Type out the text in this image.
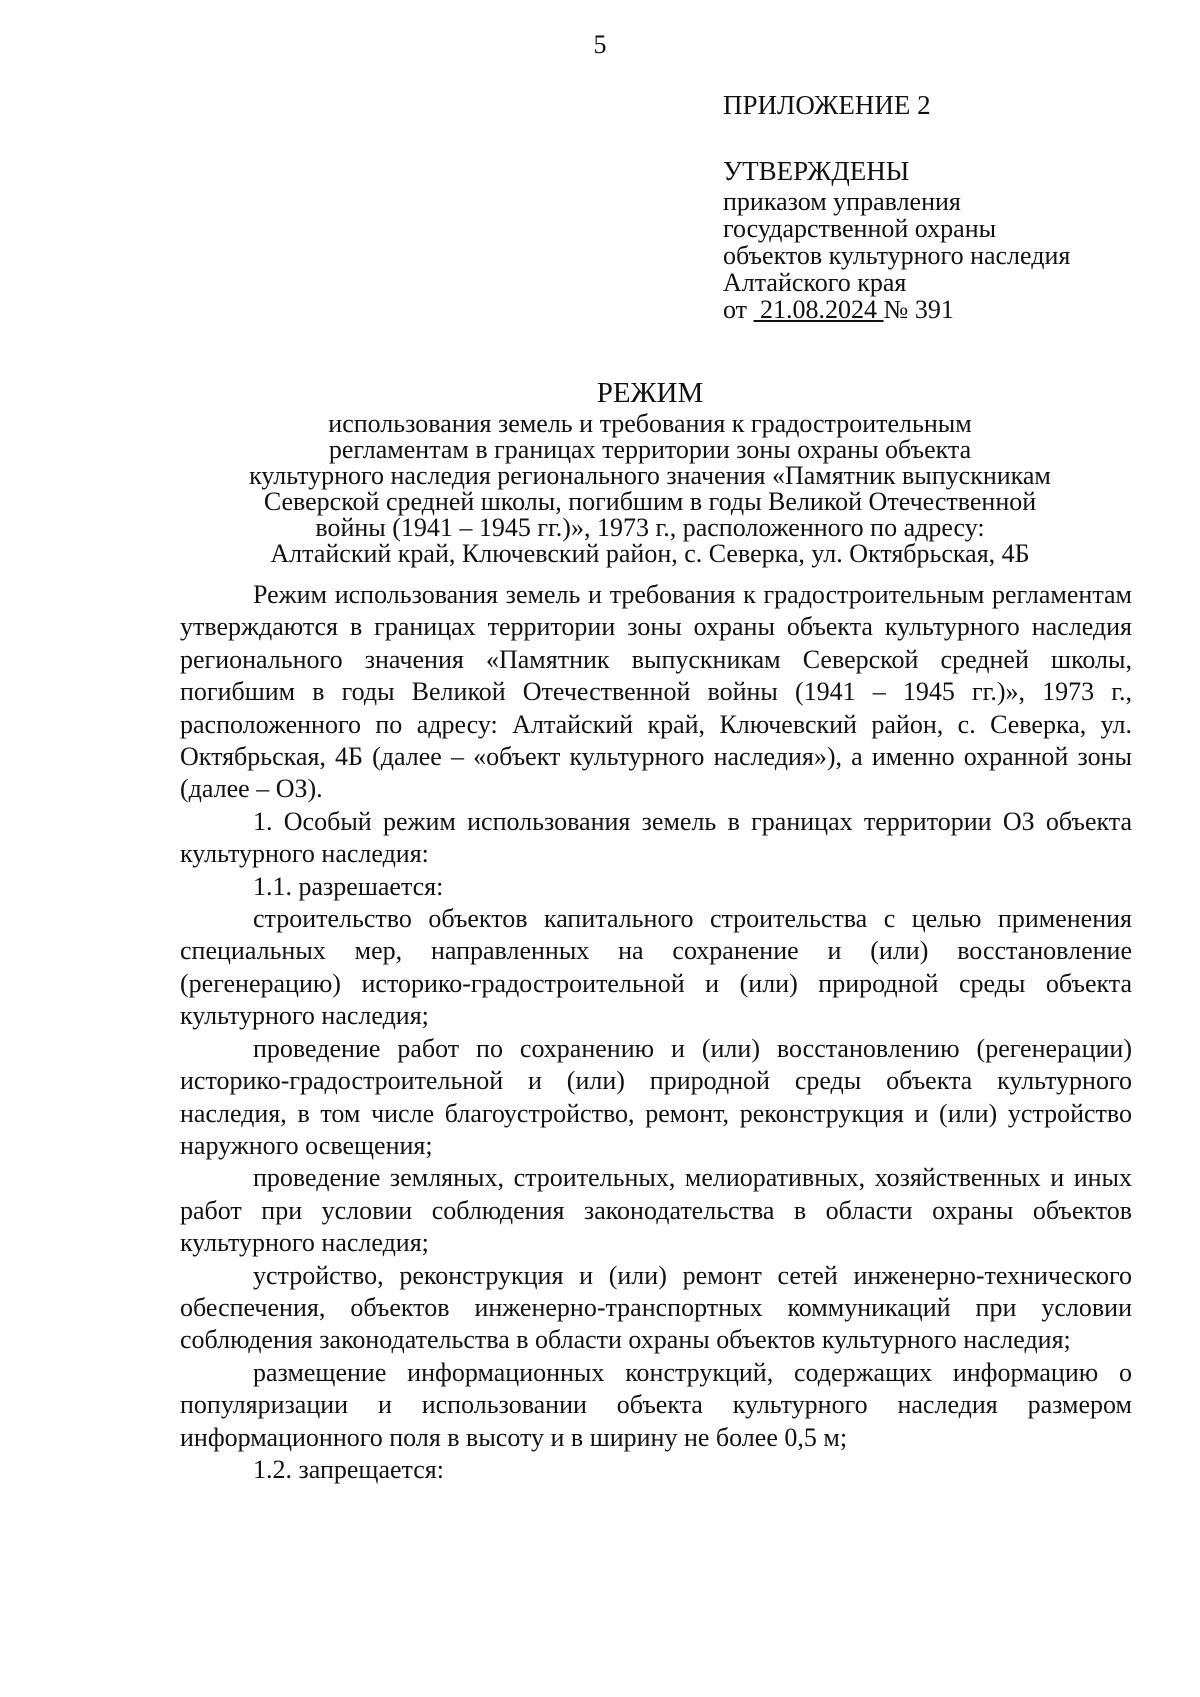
5
ПРИЛОЖЕНИЕ 2
УТВЕРЖДЕНЫ
приказом управления
государственной охраны
объектов культурного наследия
Алтайского края
от 21.08.2024 № 391
РЕЖИМ
использования земель и требования к градостроительным
регламентам в границах территории зоны охраны объекта
культурного наследия регионального значения «Памятник выпускникам
Северской средней школы, погибшим в годы Великой Отечественной
войны (1941 – 1945 гг.)», 1973 г., расположенного по адресу:
Алтайский край, Ключевский район, с. Северка, ул. Октябрьская, 4Б

Режим использования земель и требования к градостроительным регламентам утверждаются в границах территории зоны охраны объекта культурного наследия регионального значения «Памятник выпускникам Северской средней школы, погибшим в годы Великой Отечественной войны (1941 – 1945 гг.)», 1973 г., расположенного по адресу: Алтайский край, Ключевский район, с. Северка, ул. Октябрьская, 4Б (далее – «объект культурного наследия»), а именно охранной зоны (далее – ОЗ).

1. Особый режим использования земель в границах территории ОЗ объекта культурного наследия:

1.1. разрешается:

строительство объектов капитального строительства с целью применения специальных мер, направленных на сохранение и (или) восстановление (регенерацию) историко-градостроительной и (или) природной среды объекта культурного наследия;

проведение работ по сохранению и (или) восстановлению (регенерации) историко-градостроительной и (или) природной среды объекта культурного наследия, в том числе благоустройство, ремонт, реконструкция и (или) устройство наружного освещения;

проведение земляных, строительных, мелиоративных, хозяйственных и иных работ при условии соблюдения законодательства в области охраны объектов культурного наследия;

устройство, реконструкция и (или) ремонт сетей инженерно-технического обеспечения, объектов инженерно-транспортных коммуникаций при условии соблюдения законодательства в области охраны объектов культурного наследия;

размещение информационных конструкций, содержащих информацию о популяризации и использовании объекта культурного наследия размером информационного поля в высоту и в ширину не более 0,5 м;

1.2. запрещается:
